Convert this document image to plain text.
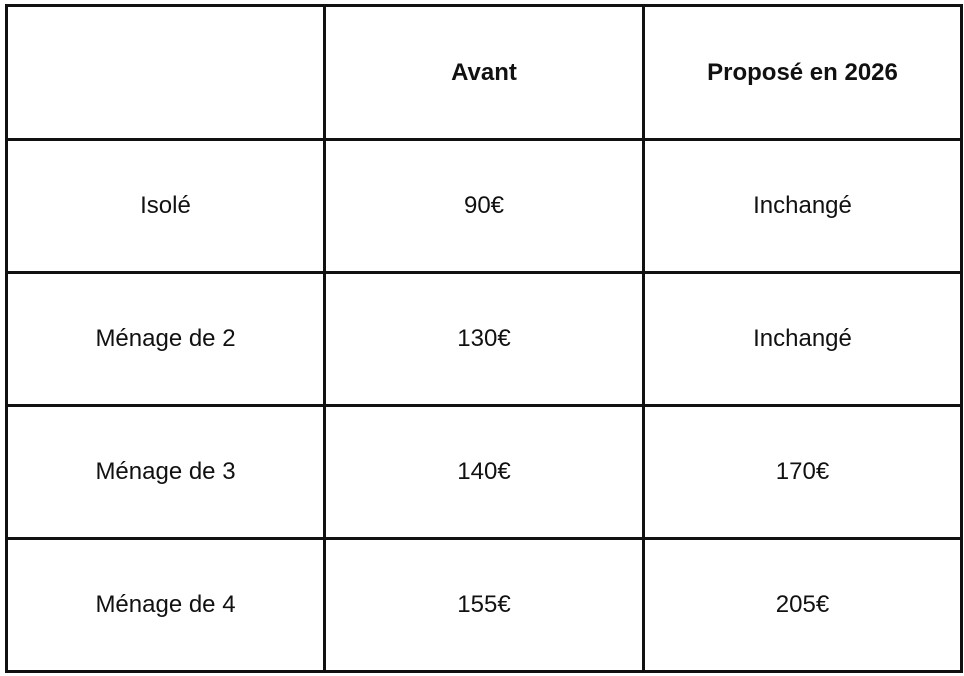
	Avant	Proposé en 2026
Isolé	90€	Inchangé
Ménage de 2	130€	Inchangé
Ménage de 3	140€	170€
Ménage de 4	155€	205€
